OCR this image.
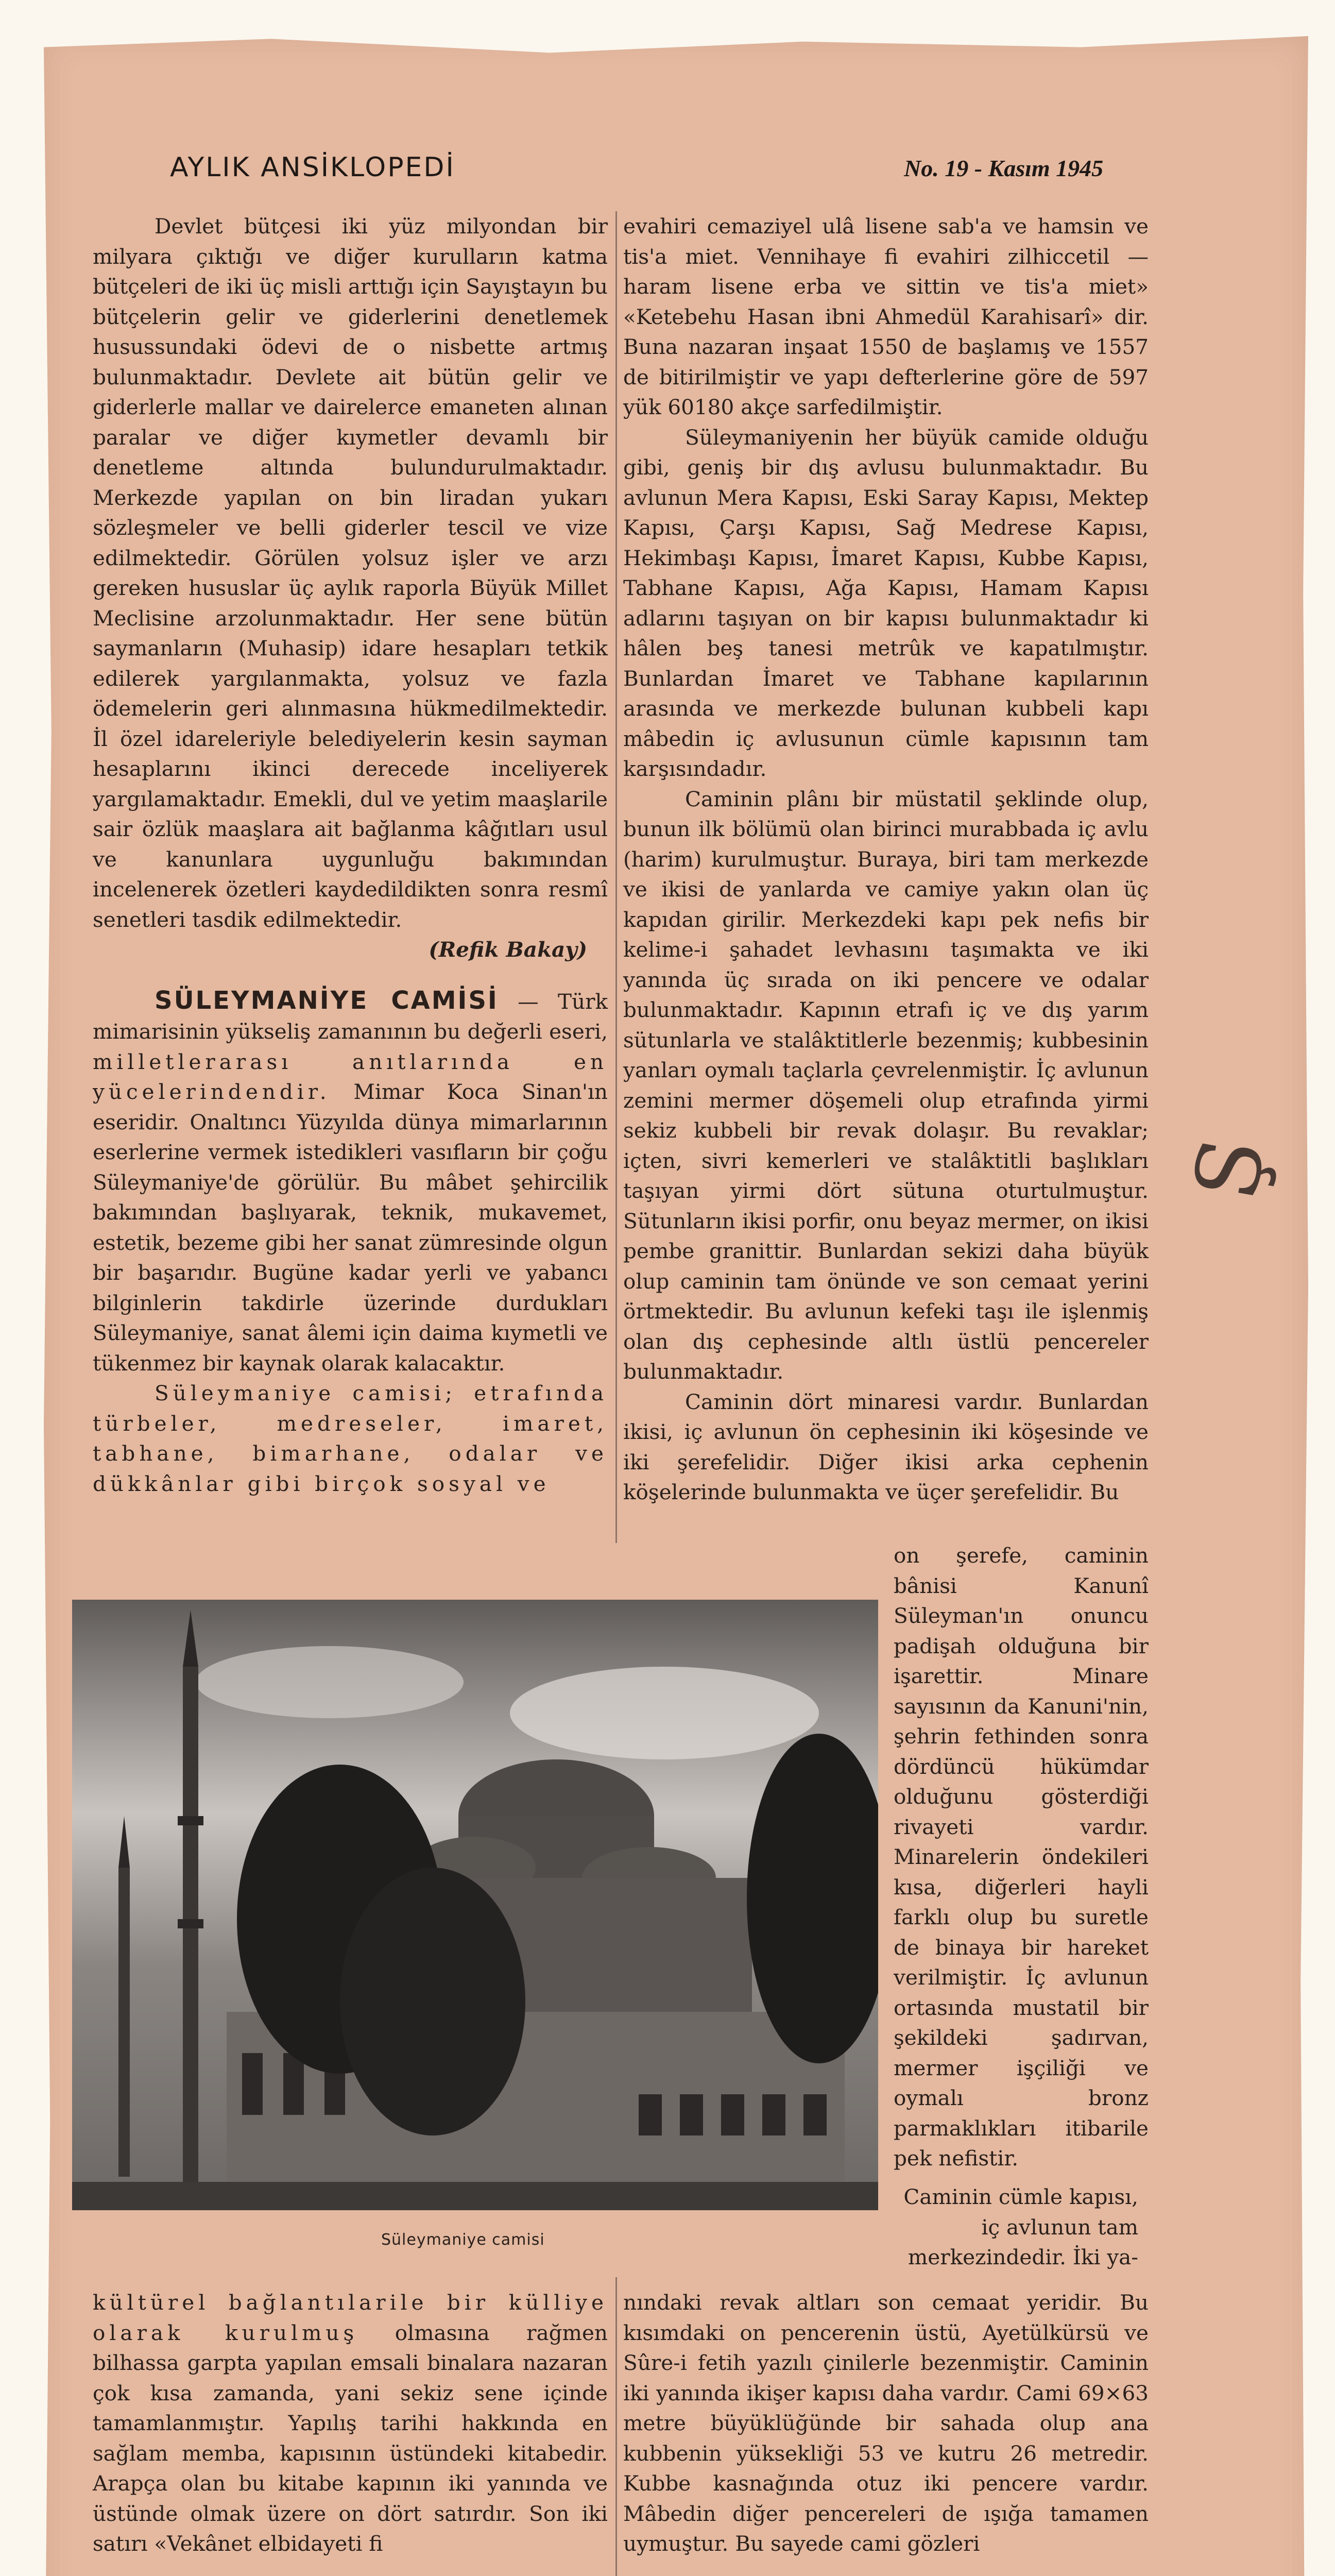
AYLIK ANSİKLOPEDİ	No. 19 - Kasım 1945

Devlet bütçesi iki yüz milyondan bir milyara çıktığı ve diğer kurulların katma bütçeleri de iki üç misli arttığı için Sayıştayın bu bütçelerin gelir ve giderlerini denetlemek husussundaki ödevi de o nisbette artmış bulunmaktadır. Devlete ait bütün gelir ve giderlerle mallar ve dairelerce emaneten alınan paralar ve diğer kıymetler devamlı bir denetleme altında bulundurulmaktadır. Merkezde yapılan on bin liradan yukarı sözleşmeler ve belli giderler tescil ve vize edilmektedir. Görülen yolsuz işler ve arzı gereken hususlar üç aylık raporla Büyük Millet Meclisine arzolunmaktadır. Her sene bütün saymanların (Muhasip) idare hesapları tetkik edilerek yargılanmakta, yolsuz ve fazla ödemelerin geri alınmasına hükmedilmektedir. İl özel idareleriyle belediyelerin kesin sayman hesaplarını ikinci derecede inceliyerek yargılamaktadır. Emekli, dul ve yetim maaşlarile sair özlük maaşlara ait bağlanma kâğıtları usul ve kanunlara uygunluğu bakımından incelenerek özetleri kaydedildikten sonra resmî senetleri tasdik edilmektedir.

(Refik Bakay)

SÜLEYMANİYE CAMİSİ — Türk mimarisinin yükseliş zamanının bu değerli eseri, milletlerarası anıtlarında en yücelerindendir. Mimar Koca Sinan'ın eseridir. Onaltıncı Yüzyılda dünya mimarlarının eserlerine vermek istedikleri vasıfların bir çoğu Süleymaniye'de görülür. Bu mâbet şehircilik bakımından başlıyarak, teknik, mukavemet, estetik, bezeme gibi her sanat zümresinde olgun bir başarıdır. Bugüne kadar yerli ve yabancı bilginlerin takdirle üzerinde durdukları Süleymaniye, sanat âlemi için daima kıymetli ve tükenmez bir kaynak olarak kalacaktır.

Süleymaniye camisi; etrafında türbeler, medreseler, imaret, tabhane, bimarhane, odalar ve dükkânlar gibi birçok sosyal ve

evahiri cemaziyel ulâ lisene sab'a ve hamsin ve tis'a miet. Vennihaye fi evahiri zilhiccetil — haram lisene erba ve sittin ve tis'a miet» «Ketebehu Hasan ibni Ahmedül Karahisarî» dir. Buna nazaran inşaat 1550 de başlamış ve 1557 de bitirilmiştir ve yapı defterlerine göre de 597 yük 60180 akçe sarfedilmiştir.

Süleymaniyenin her büyük camide olduğu gibi, geniş bir dış avlusu bulunmaktadır. Bu avlunun Mera Kapısı, Eski Saray Kapısı, Mektep Kapısı, Çarşı Kapısı, Sağ Medrese Kapısı, Hekimbaşı Kapısı, İmaret Kapısı, Kubbe Kapısı, Tabhane Kapısı, Ağa Kapısı, Hamam Kapısı adlarını taşıyan on bir kapısı bulunmaktadır ki hâlen beş tanesi metrûk ve kapatılmıştır. Bunlardan İmaret ve Tabhane kapılarının arasında ve merkezde bulunan kubbeli kapı mâbedin iç avlusunun cümle kapısının tam karşısındadır.

Caminin plânı bir müstatil şeklinde olup, bunun ilk bölümü olan birinci murabbada iç avlu (harim) kurulmuştur. Buraya, biri tam merkezde ve ikisi de yanlarda ve camiye yakın olan üç kapıdan girilir. Merkezdeki kapı pek nefis bir kelime-i şahadet levhasını taşımakta ve iki yanında üç sırada on iki pencere ve odalar bulunmaktadır. Kapının etrafı iç ve dış yarım sütunlarla ve stalâktitlerle bezenmiş; kubbesinin yanları oymalı taçlarla çevrelenmiştir. İç avlunun zemini mermer döşemeli olup etrafında yirmi sekiz kubbeli bir revak dolaşır. Bu revaklar; içten, sivri kemerleri ve stalâktitli başlıkları taşıyan yirmi dört sütuna oturtulmuştur. Sütunların ikisi porfir, onu beyaz mermer, on ikisi pembe granittir. Bunlardan sekizi daha büyük olup caminin tam önünde ve son cemaat yerini örtmektedir. Bu avlunun kefeki taşı ile işlenmiş olan dış cephesinde altlı üstlü pencereler bulunmaktadır.

Caminin dört minaresi vardır. Bunlardan ikisi, iç avlunun ön cephesinin iki köşesinde ve iki şerefelidir. Diğer ikisi arka cephenin köşelerinde bulunmakta ve üçer şerefelidir. Bu

on şerefe, caminin bânisi Kanunî Süleyman'ın onuncu padişah olduğuna bir işarettir. Minare sayısının da Kanuni'nin, şehrin fethinden sonra dördüncü hükümdar olduğunu gösterdiği rivayeti vardır. Minarelerin öndekileri kısa, diğerleri hayli farklı olup bu suretle de binaya bir hareket verilmiştir. İç avlunun ortasında mustatil bir şekildeki şadırvan, mermer işçiliği ve oymalı bronz parmaklıkları itibarile pek nefistir.

Süleymaniye camisi

Caminin cümle kapısı, iç avlunun tam merkezindedir. İki ya-

kültürel bağlantılarile bir külliye olarak kurulmuş olmasına rağmen bilhassa garpta yapılan emsali binalara nazaran çok kısa zamanda, yani sekiz sene içinde tamamlanmıştır. Yapılış tarihi hakkında en sağlam memba, kapısının üstündeki kitabedir. Arapça olan bu kitabe kapının iki yanında ve üstünde olmak üzere on dört satırdır. Son iki satırı «Vekânet elbidayeti fi

nındaki revak altları son cemaat yeridir. Bu kısımdaki on pencerenin üstü, Ayetülkürsü ve Sûre-i fetih yazılı çinilerle bezenmiştir. Caminin iki yanında ikişer kapısı daha vardır. Cami 69×63 metre büyüklüğünde bir sahada olup ana kubbenin yüksekliği 53 ve kutru 26 metredir. Kubbe kasnağında otuz iki pencere vardır. Mâbedin diğer pencereleri de ışığa tamamen uymuştur. Bu sayede cami gözleri

Ş
